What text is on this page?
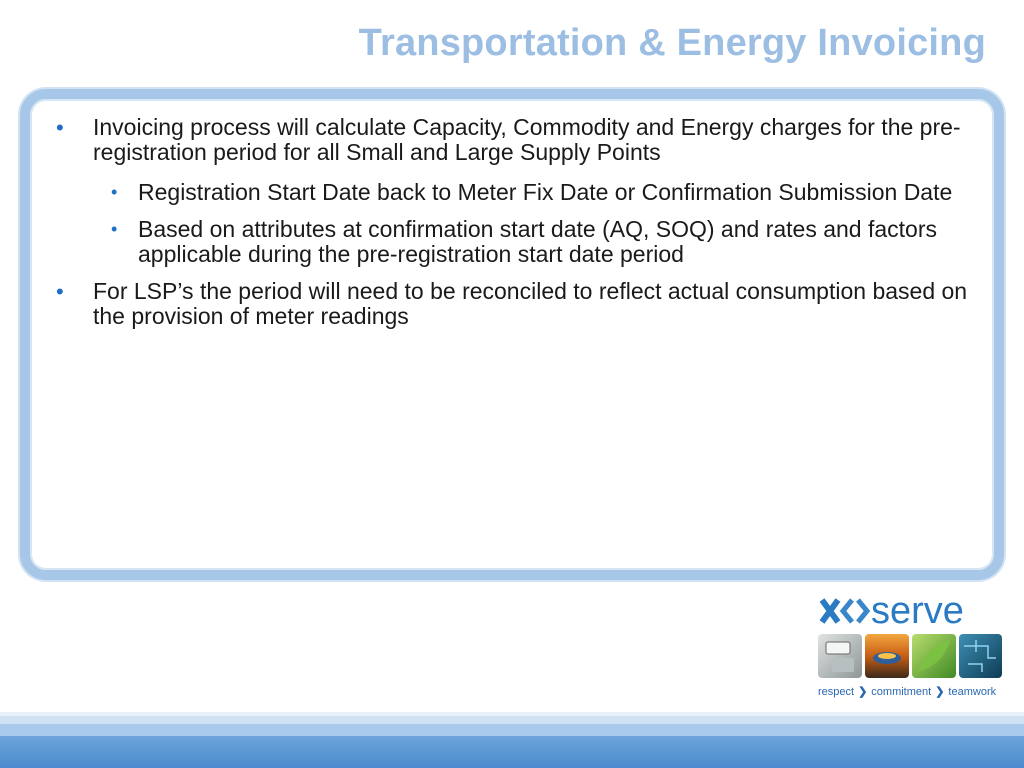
Transportation & Energy Invoicing
• Invoicing process will calculate Capacity, Commodity and Energy charges for the pre-registration period for all Small and Large Supply Points
• Registration Start Date back to Meter Fix Date or Confirmation Submission Date
• Based on attributes at confirmation start date (AQ, SOQ) and rates and factors applicable during the pre-registration start date period
• For LSP’s the period will need to be reconciled to reflect actual consumption based on the provision of meter readings
serve
respect ❯ commitment ❯ teamwork
